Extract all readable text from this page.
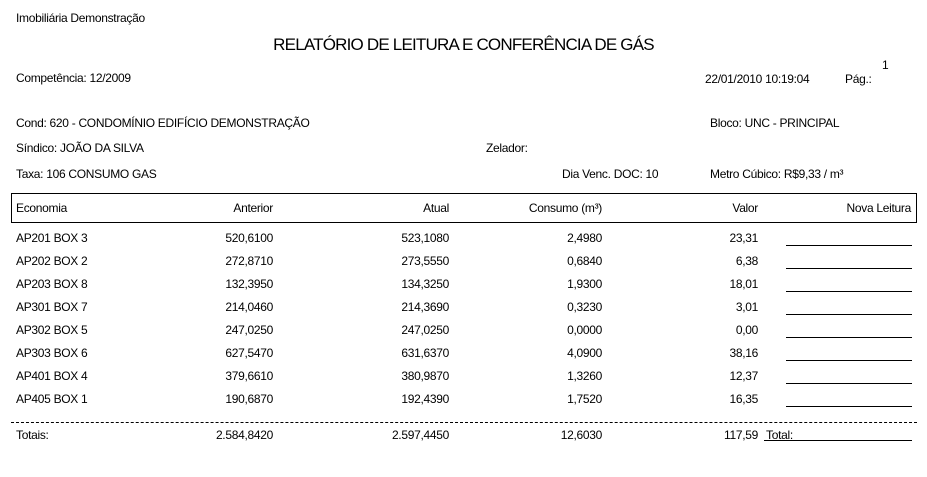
Imobiliária Demonstração
RELATÓRIO DE LEITURA E CONFERÊNCIA DE GÁS
1
Competência: 12/2009	22/01/2010 10:19:04	Pág.:
Cond: 620 - CONDOMÍNIO EDIFÍCIO DEMONSTRAÇÃO	Bloco: UNC - PRINCIPAL
Síndico: JOÃO DA SILVA	Zelador:
Taxa: 106 CONSUMO GAS	Dia Venc. DOC: 10	Metro Cúbico: R$9,33 / m³
Economia	Anterior	Atual	Consumo (m³)	Valor	Nova Leitura
AP201 BOX 3	520,6100	523,1080	2,4980	23,31
AP202 BOX 2	272,8710	273,5550	0,6840	6,38
AP203 BOX 8	132,3950	134,3250	1,9300	18,01
AP301 BOX 7	214,0460	214,3690	0,3230	3,01
AP302 BOX 5	247,0250	247,0250	0,0000	0,00
AP303 BOX 6	627,5470	631,6370	4,0900	38,16
AP401 BOX 4	379,6610	380,9870	1,3260	12,37
AP405 BOX 1	190,6870	192,4390	1,7520	16,35
Totais:	2.584,8420	2.597,4450	12,6030	117,59 Total:
